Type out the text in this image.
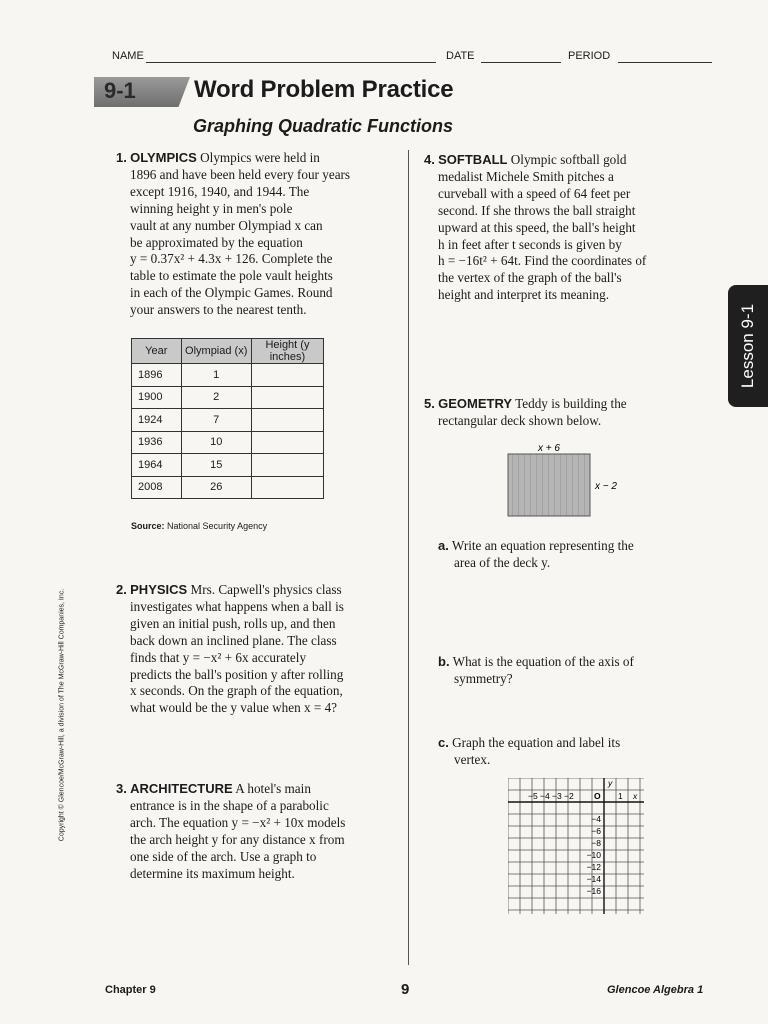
NAME	DATE	PERIOD
9-1 Word Problem Practice
Graphing Quadratic Functions
1. OLYMPICS Olympics were held in
1896 and have been held every four years
except 1916, 1940, and 1944. The
winning height y in men's pole
vault at any number Olympiad x can
be approximated by the equation
y = 0.37x² + 4.3x + 126. Complete the
table to estimate the pole vault heights
in each of the Olympic Games. Round
your answers to the nearest tenth.
Year	Olympiad (x)	Height (y inches)
1896	1	
1900	2	
1924	7	
1936	10	
1964	15	
2008	26	
Source: National Security Agency
2. PHYSICS Mrs. Capwell's physics class
investigates what happens when a ball is
given an initial push, rolls up, and then
back down an inclined plane. The class
finds that y = −x² + 6x accurately
predicts the ball's position y after rolling
x seconds. On the graph of the equation,
what would be the y value when x = 4?
3. ARCHITECTURE A hotel's main
entrance is in the shape of a parabolic
arch. The equation y = −x² + 10x models
the arch height y for any distance x from
one side of the arch. Use a graph to
determine its maximum height.
4. SOFTBALL Olympic softball gold
medalist Michele Smith pitches a
curveball with a speed of 64 feet per
second. If she throws the ball straight
upward at this speed, the ball's height
h in feet after t seconds is given by
h = −16t² + 64t. Find the coordinates of
the vertex of the graph of the ball's
height and interpret its meaning.
5. GEOMETRY Teddy is building the
rectangular deck shown below.
x + 6
x − 2
a. Write an equation representing the
area of the deck y.
b. What is the equation of the axis of
symmetry?
c. Graph the equation and label its
vertex.
y
x
O
−5 −4 −3 −2	1
−4
−6
−8
−10
−12
−14
−16
Lesson 9-1
Copyright © Glencoe/McGraw-Hill, a division of The McGraw-Hill Companies, Inc.
Chapter 9	9	Glencoe Algebra 1
